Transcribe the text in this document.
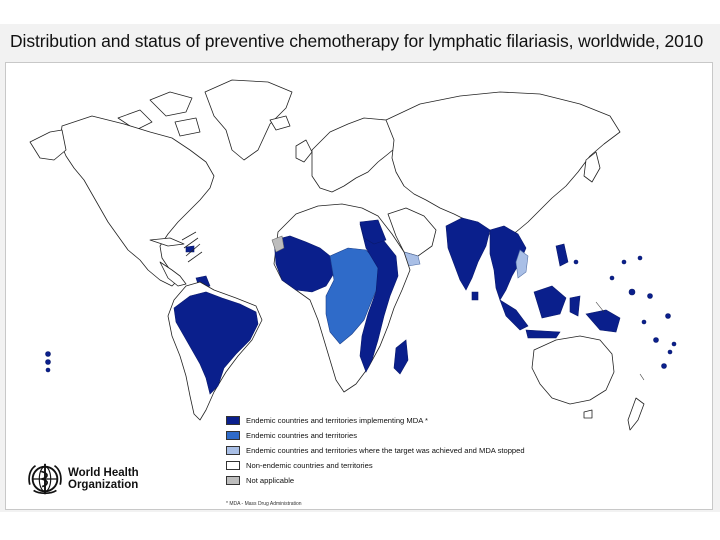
Distribution and status of preventive chemotherapy for lymphatic filariasis, worldwide, 2010
Endemic countries and territories implementing MDA *
Endemic countries and territories
Endemic countries and territories where the target was achieved and MDA stopped
Non-endemic countries and territories
Not applicable
* MDA - Mass Drug Administration
World Health
Organization
